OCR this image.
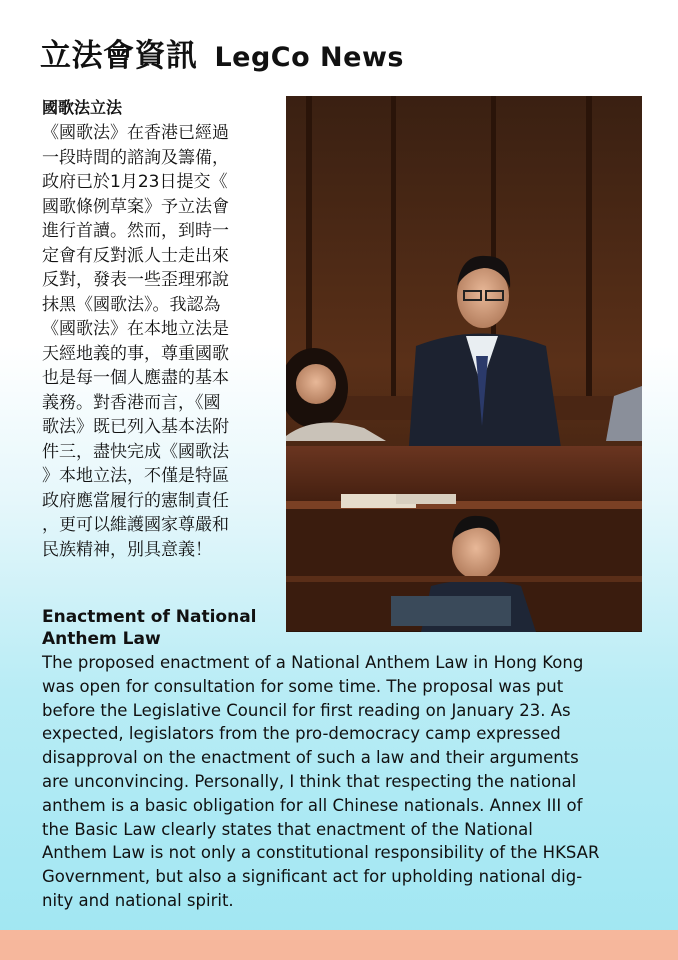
立法會資訊 LegCo News
國歌法立法
《國歌法》在香港已經過
一段時間的諮詢及籌備，
政府已於1月23日提交《
國歌條例草案》予立法會
進行首讀。然而，到時一
定會有反對派人士走出來
反對，發表一些歪理邪說
抹黑《國歌法》。我認為
《國歌法》在本地立法是
天經地義的事，尊重國歌
也是每一個人應盡的基本
義務。對香港而言，《國
歌法》既已列入基本法附
件三，盡快完成《國歌法
》本地立法，不僅是特區
政府應當履行的憲制責任
，更可以維護國家尊嚴和
民族精神，別具意義！
Enactment of National
Anthem Law
The proposed enactment of a National Anthem Law in Hong Kong
was open for consultation for some time. The proposal was put
before the Legislative Council for first reading on January 23. As
expected, legislators from the pro-democracy camp expressed
disapproval on the enactment of such a law and their arguments
are unconvincing. Personally, I think that respecting the national
anthem is a basic obligation for all Chinese nationals. Annex III of
the Basic Law clearly states that enactment of the National
Anthem Law is not only a constitutional responsibility of the HKSAR
Government, but also a significant act for upholding national dig-
nity and national spirit.
